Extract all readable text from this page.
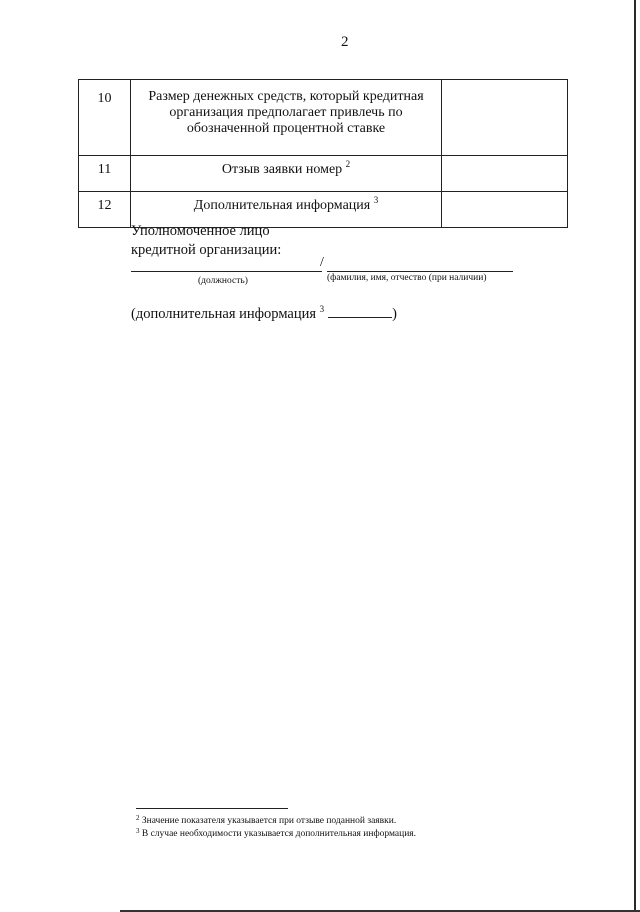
2
10	Размер денежных средств, который кредитная организация предполагает привлечь по обозначенной процентной ставке	
11	Отзыв заявки номер $^2$	
12	Дополнительная информация $^3$	
Уполномоченное лицо
кредитной организации:
/
(должность)	(фамилия, имя, отчество (при наличии)
(дополнительная информация $^3$	)
$^2$ Значение показателя указывается при отзыве поданной заявки.
$^3$ В случае необходимости указывается дополнительная информация.
